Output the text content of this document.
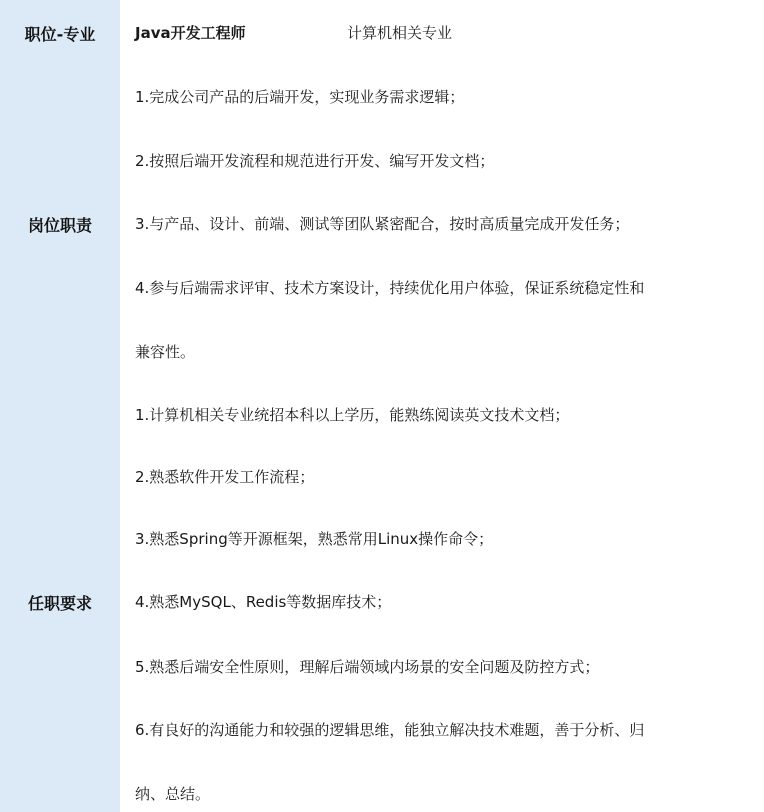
职位-专业
岗位职责
任职要求
Java开发工程师	计算机相关专业
1.完成公司产品的后端开发，实现业务需求逻辑；
2.按照后端开发流程和规范进行开发、编写开发文档；
3.与产品、设计、前端、测试等团队紧密配合，按时高质量完成开发任务；
4.参与后端需求评审、技术方案设计，持续优化用户体验，保证系统稳定性和
兼容性。
1.计算机相关专业统招本科以上学历，能熟练阅读英文技术文档；
2.熟悉软件开发工作流程；
3.熟悉Spring等开源框架，熟悉常用Linux操作命令；
4.熟悉MySQL、Redis等数据库技术；
5.熟悉后端安全性原则，理解后端领域内场景的安全问题及防控方式；
6.有良好的沟通能力和较强的逻辑思维，能独立解决技术难题，善于分析、归
纳、总结。
